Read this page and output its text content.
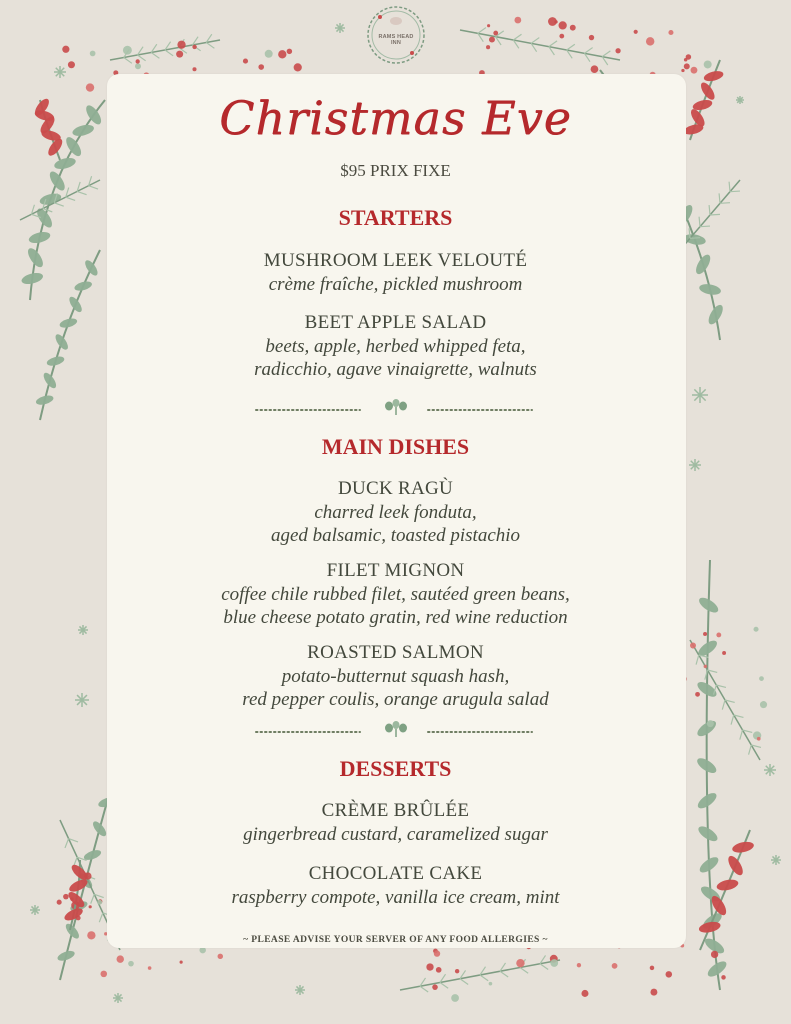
RAMS HEAD
INN
Christmas Eve
$95 PRIX FIXE
STARTERS
MUSHROOM LEEK VELOUTÉ
crème fraîche, pickled mushroom
BEET APPLE SALAD
beets, apple, herbed whipped feta,
radicchio, agave vinaigrette, walnuts
MAIN DISHES
DUCK RAGÙ
charred leek fonduta,
aged balsamic, toasted pistachio
FILET MIGNON
coffee chile rubbed filet, sautéed green beans,
blue cheese potato gratin, red wine reduction
ROASTED SALMON
potato-butternut squash hash,
red pepper coulis, orange arugula salad
DESSERTS
CRÈME BRÛLÉE
gingerbread custard, caramelized sugar
CHOCOLATE CAKE
raspberry compote, vanilla ice cream, mint
~ PLEASE ADVISE YOUR SERVER OF ANY FOOD ALLERGIES ~
